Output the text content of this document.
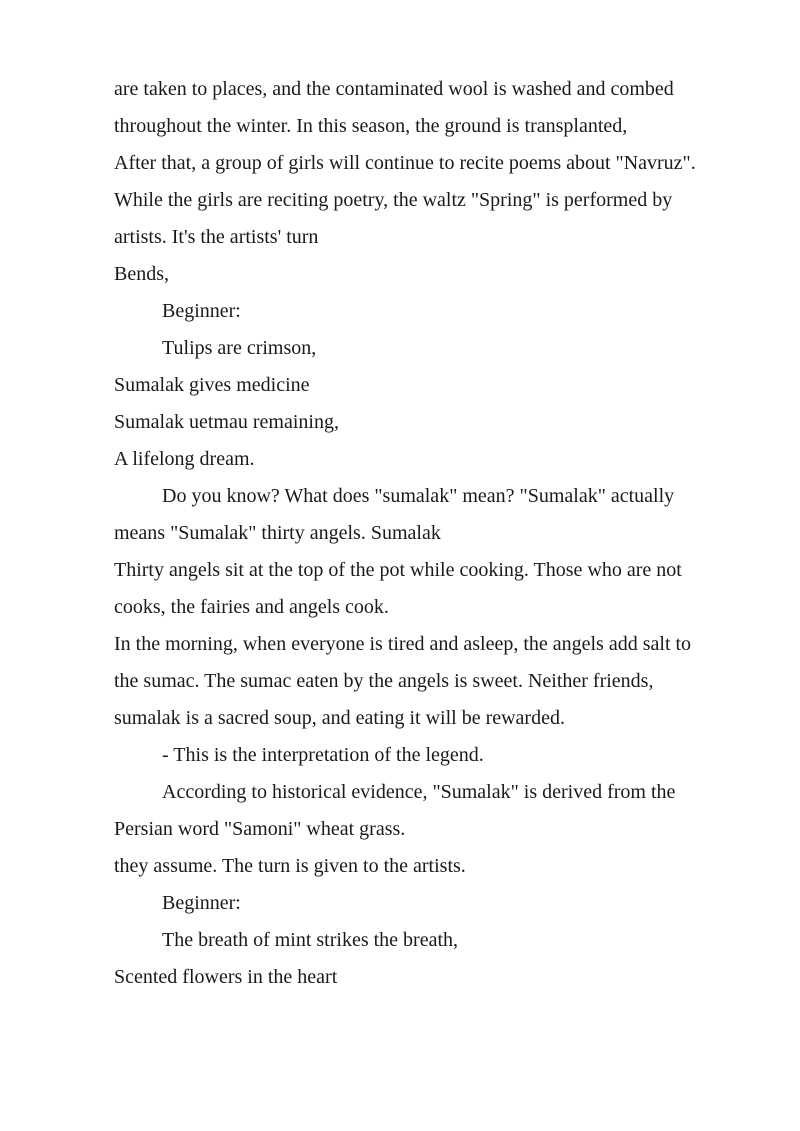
are taken to places, and the contaminated wool is washed and combed
throughout the winter. In this season, the ground is transplanted,
After that, a group of girls will continue to recite poems about "Navruz".
While the girls are reciting poetry, the waltz "Spring" is performed by
artists. It's the artists' turn
Bends,
Beginner:
Tulips are crimson,
Sumalak gives medicine
Sumalak uetmau remaining,
A lifelong dream.
Do you know? What does "sumalak" mean? "Sumalak" actually
means "Sumalak" thirty angels. Sumalak
Thirty angels sit at the top of the pot while cooking. Those who are not
cooks, the fairies and angels cook.
In the morning, when everyone is tired and asleep, the angels add salt to
the sumac. The sumac eaten by the angels is sweet. Neither friends,
sumalak is a sacred soup, and eating it will be rewarded.
- This is the interpretation of the legend.
According to historical evidence, "Sumalak" is derived from the
Persian word "Samoni" wheat grass.
they assume. The turn is given to the artists.
Beginner:
The breath of mint strikes the breath,
Scented flowers in the heart
